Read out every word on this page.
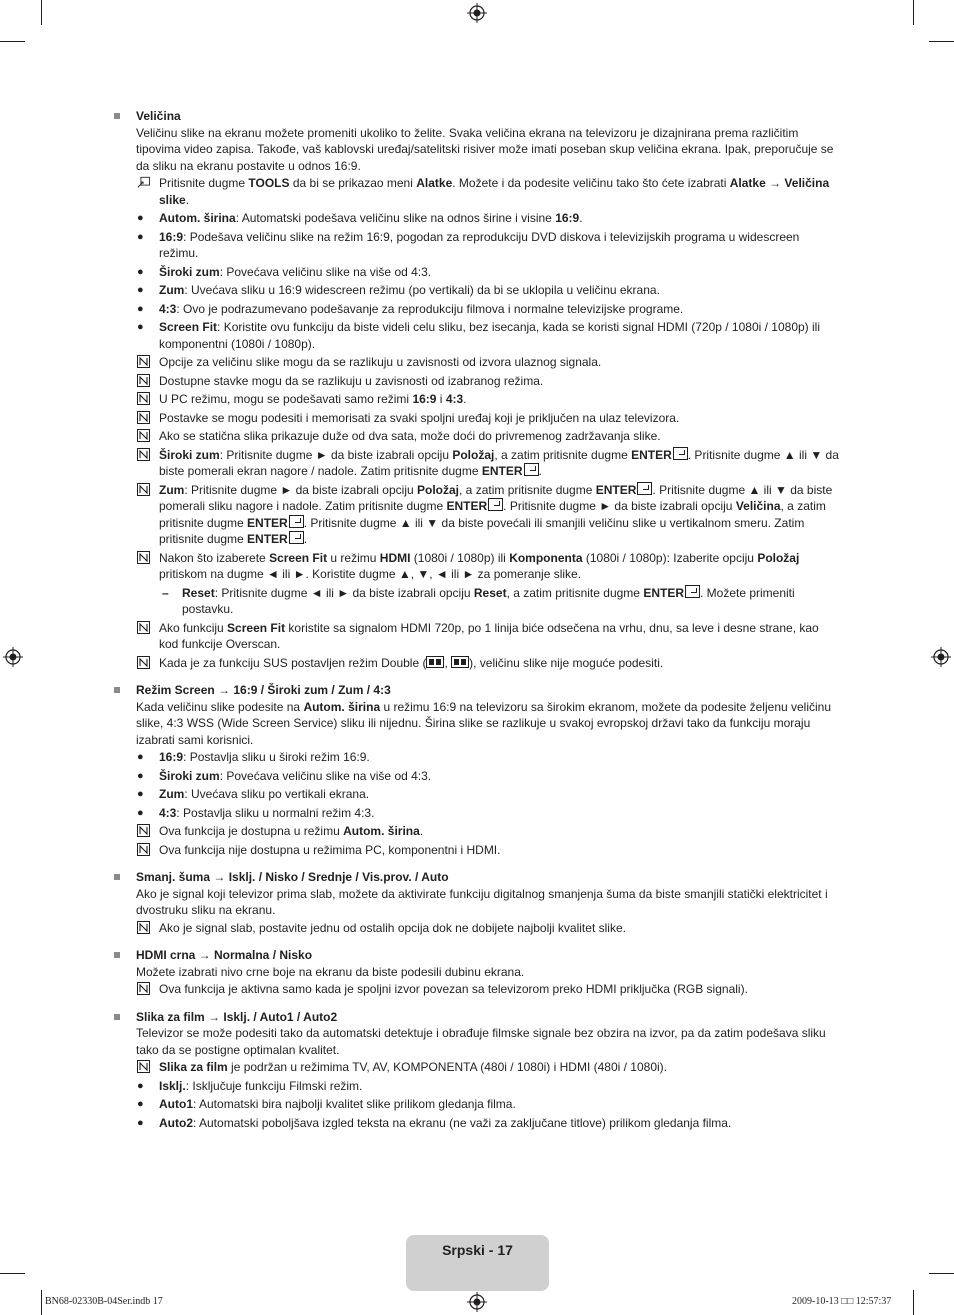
Veličina
Veličinu slike na ekranu možete promeniti ukoliko to želite. Svaka veličina ekrana na televizoru je dizajnirana prema različitim tipovima video zapisa. Takođe, vaš kablovski uređaj/satelitski risiver može imati poseban skup veličina ekrana. Ipak, preporučuje se da sliku na ekranu postavite u odnos 16:9.
Pritisnite dugme TOOLS da bi se prikazao meni Alatke. Možete i da podesite veličinu tako što ćete izabrati Alatke → Veličina slike.
● Autom. širina: Automatski podešava veličinu slike na odnos širine i visine 16:9.
● 16:9: Podešava veličinu slike na režim 16:9, pogodan za reprodukciju DVD diskova i televizijskih programa u widescreen režimu.
● Široki zum: Povećava veličinu slike na više od 4:3.
● Zum: Uvećava sliku u 16:9 widescreen režimu (po vertikali) da bi se uklopila u veličinu ekrana.
● 4:3: Ovo je podrazumevano podešavanje za reprodukciju filmova i normalne televizijske programe.
● Screen Fit: Koristite ovu funkciju da biste videli celu sliku, bez isecanja, kada se koristi signal HDMI (720p / 1080i / 1080p) ili komponentni (1080i / 1080p).
Opcije za veličinu slike mogu da se razlikuju u zavisnosti od izvora ulaznog signala.
Dostupne stavke mogu da se razlikuju u zavisnosti od izabranog režima.
U PC režimu, mogu se podešavati samo režimi 16:9 i 4:3.
Postavke se mogu podesiti i memorisati za svaki spoljni uređaj koji je priključen na ulaz televizora.
Ako se statična slika prikazuje duže od dva sata, može doći do privremenog zadržavanja slike.
Široki zum: Pritisnite dugme ► da biste izabrali opciju Položaj, a zatim pritisnite dugme ENTER . Pritisnite dugme ▲ ili ▼ da biste pomerali ekran nagore / nadole. Zatim pritisnite dugme ENTER .
Zum: Pritisnite dugme ► da biste izabrali opciju Položaj, a zatim pritisnite dugme ENTER . Pritisnite dugme ▲ ili ▼ da biste pomerali sliku nagore i nadole. Zatim pritisnite dugme ENTER . Pritisnite dugme ► da biste izabrali opciju Veličina, a zatim pritisnite dugme ENTER . Pritisnite dugme ▲ ili ▼ da biste povećali ili smanjili veličinu slike u vertikalnom smeru. Zatim pritisnite dugme ENTER .
Nakon što izaberete Screen Fit u režimu HDMI (1080i / 1080p) ili Komponenta (1080i / 1080p): Izaberite opciju Položaj pritiskom na dugme ◄ ili ►. Koristite dugme ▲, ▼, ◄ ili ► za pomeranje slike.
– Reset: Pritisnite dugme ◄ ili ► da biste izabrali opciju Reset, a zatim pritisnite dugme ENTER . Možete primeniti postavku.
Ako funkciju Screen Fit koristite sa signalom HDMI 720p, po 1 linija biće odsečena na vrhu, dnu, sa leve i desne strane, kao kod funkcije Overscan.
Kada je za funkciju SUS postavljen režim Double ( , ), veličinu slike nije moguće podesiti.
Režim Screen → 16:9 / Široki zum / Zum / 4:3
Kada veličinu slike podesite na Autom. širina u režimu 16:9 na televizoru sa širokim ekranom, možete da podesite željenu veličinu slike, 4:3 WSS (Wide Screen Service) sliku ili nijednu. Širina slike se razlikuje u svakoj evropskoj državi tako da funkciju moraju izabrati sami korisnici.
● 16:9: Postavlja sliku u široki režim 16:9.
● Široki zum: Povećava veličinu slike na više od 4:3.
● Zum: Uvećava sliku po vertikali ekrana.
● 4:3: Postavlja sliku u normalni režim 4:3.
Ova funkcija je dostupna u režimu Autom. širina.
Ova funkcija nije dostupna u režimima PC, komponentni i HDMI.
Smanj. šuma → Isklj. / Nisko / Srednje / Vis.prov. / Auto
Ako je signal koji televizor prima slab, možete da aktivirate funkciju digitalnog smanjenja šuma da biste smanjili statički elektricitet i dvostruku sliku na ekranu.
Ako je signal slab, postavite jednu od ostalih opcija dok ne dobijete najbolji kvalitet slike.
HDMI crna → Normalna / Nisko
Možete izabrati nivo crne boje na ekranu da biste podesili dubinu ekrana.
Ova funkcija je aktivna samo kada je spoljni izvor povezan sa televizorom preko HDMI priključka (RGB signali).
Slika za film → Isklj. / Auto1 / Auto2
Televizor se može podesiti tako da automatski detektuje i obrađuje filmske signale bez obzira na izvor, pa da zatim podešava sliku tako da se postigne optimalan kvalitet.
Slika za film je podržan u režimima TV, AV, KOMPONENTA (480i / 1080i) i HDMI (480i / 1080i).
● Isklj.: Isključuje funkciju Filmski režim.
● Auto1: Automatski bira najbolji kvalitet slike prilikom gledanja filma.
● Auto2: Automatski poboljšava izgled teksta na ekranu (ne važi za zaključane titlove) prilikom gledanja filma.
Srpski - 17
BN68-02330B-04Ser.indb 17	2009-10-13 □□ 12:57:37
